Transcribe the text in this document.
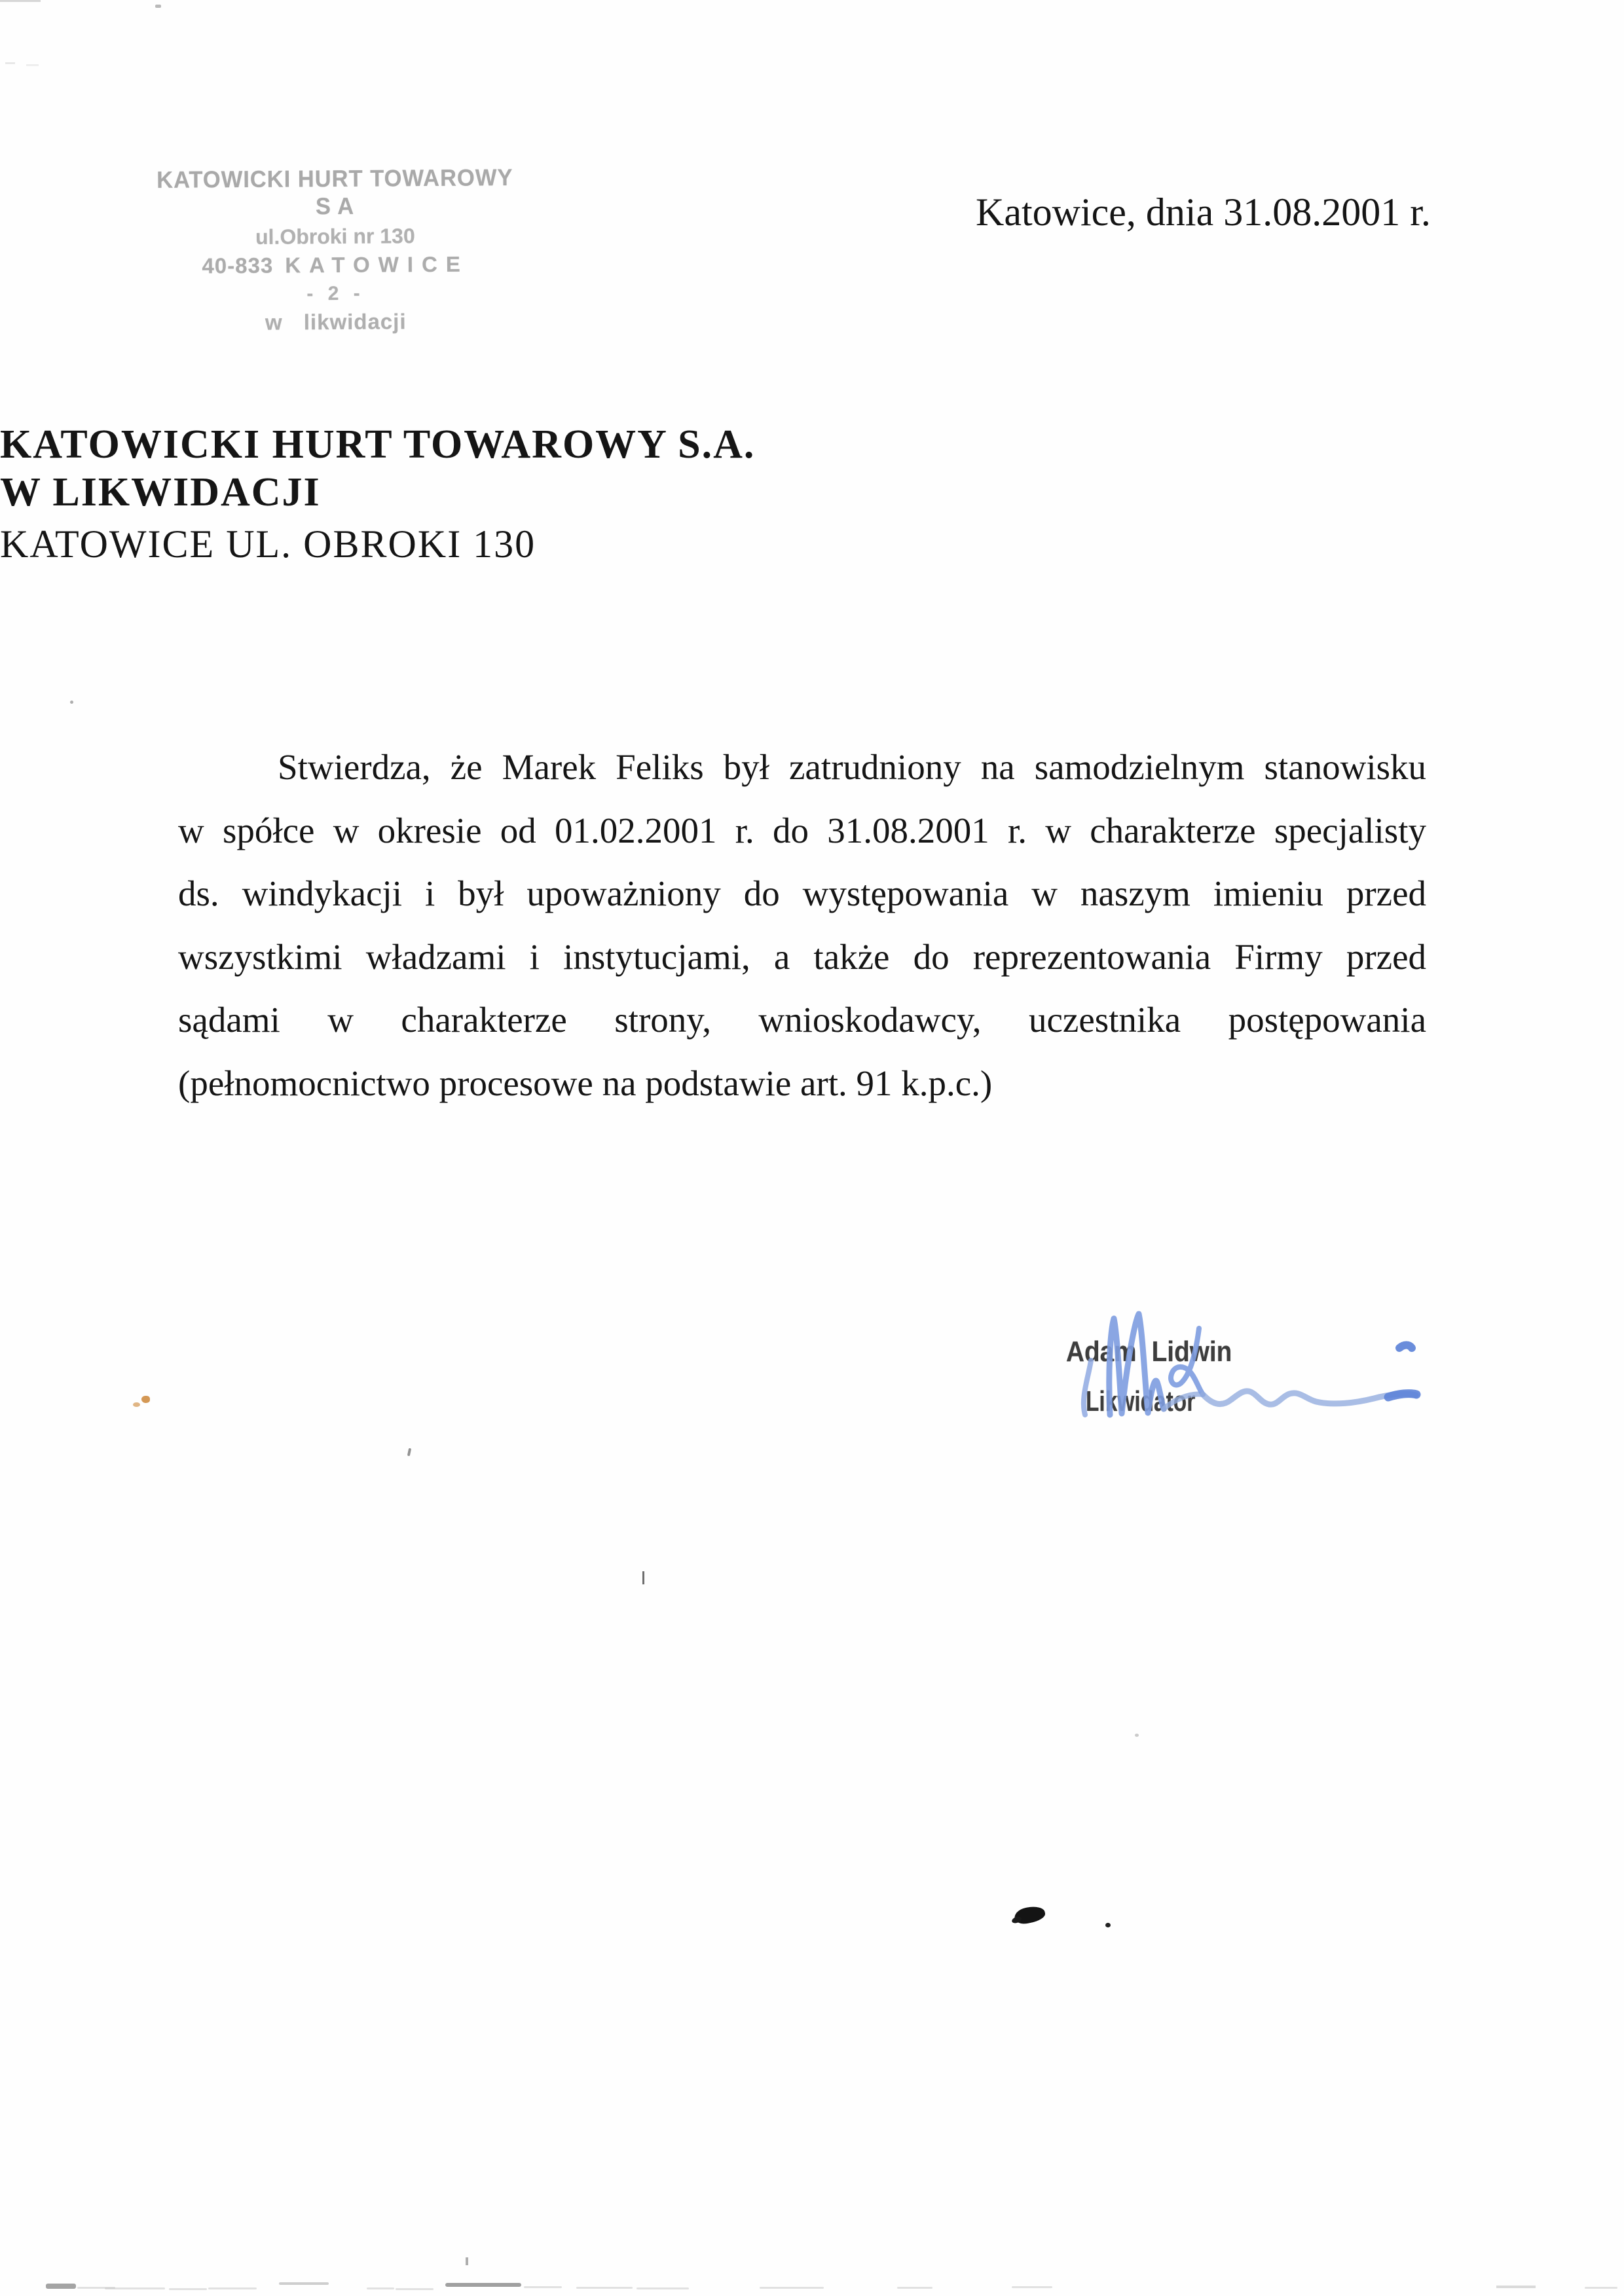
KATOWICKI HURT TOWAROWY S A
ul.Obroki nr 130
40-833 KATOWICE
- 2 -
w likwidacji
Katowice, dnia 31.08.2001 r.
KATOWICKI HURT TOWAROWY S.A.
W LIKWIDACJI
KATOWICE UL. OBROKI 130
Stwierdza, że Marek Feliks był zatrudniony na samodzielnym stanowisku
w spółce w okresie od 01.02.2001 r. do 31.08.2001 r. w charakterze specjalisty
ds. windykacji i był upoważniony do występowania w naszym imieniu przed
wszystkimi władzami i instytucjami, a także do reprezentowania Firmy przed
sądami w charakterze strony, wnioskodawcy, uczestnika postępowania
(pełnomocnictwo procesowe na podstawie art. 91 k.p.c.)
Adam Lidwin
Likwidator
